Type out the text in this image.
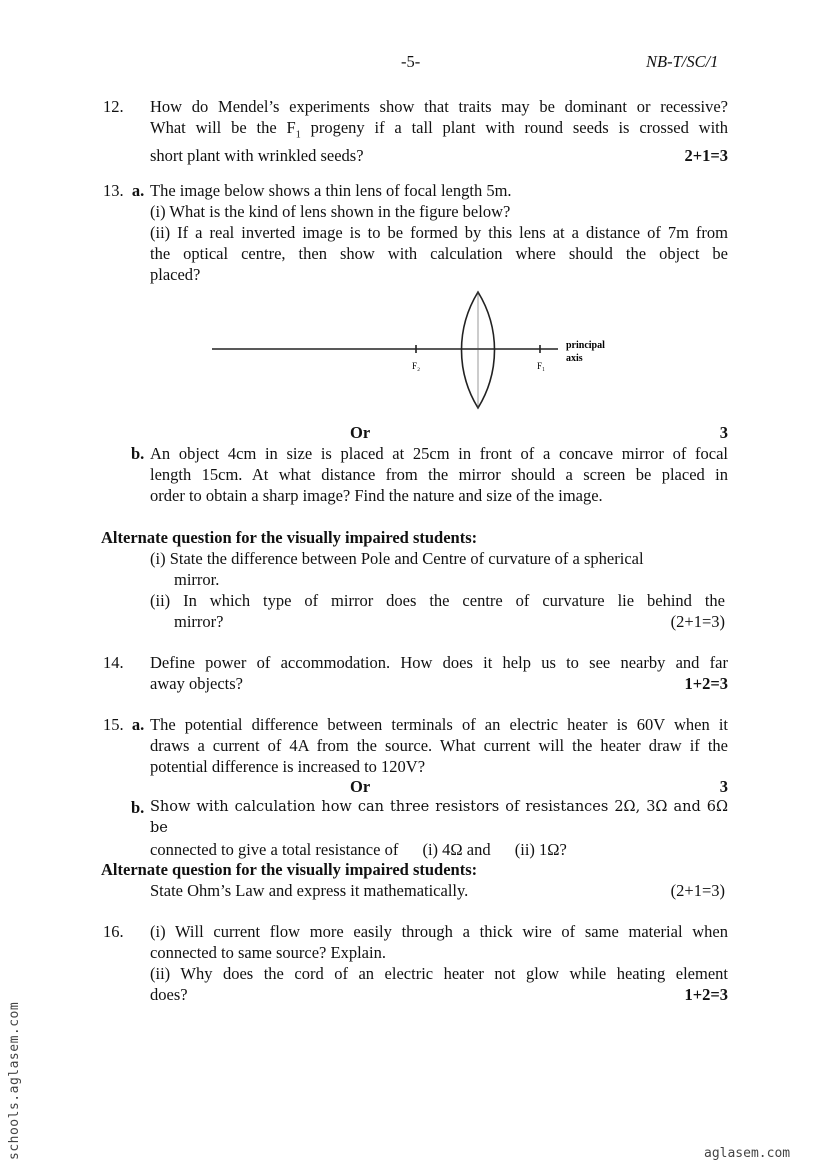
-5-	NB-T/SC/1
12. How do Mendel’s experiments show that traits may be dominant or recessive?
What will be the $F_1$ progeny if a tall plant with round seeds is crossed with
short plant with wrinkled seeds?	2+1=3
13. a. The image below shows a thin lens of focal length 5m.
(i) What is the kind of lens shown in the figure below?
(ii) If a real inverted image is to be formed by this lens at a distance of 7m from
the optical centre, then show with calculation where should the object be
placed?
F₂	F₁
principal
axis
Or	3
b. An object 4cm in size is placed at 25cm in front of a concave mirror of focal
length 15cm. At what distance from the mirror should a screen be placed in
order to obtain a sharp image? Find the nature and size of the image.
Alternate question for the visually impaired students:
(i) State the difference between Pole and Centre of curvature of a spherical
mirror.
(ii) In which type of mirror does the centre of curvature lie behind the
mirror?	(2+1=3)
14. Define power of accommodation. How does it help us to see nearby and far
away objects?	1+2=3
15. a. The potential difference between terminals of an electric heater is 60V when it
draws a current of 4A from the source. What current will the heater draw if the
potential difference is increased to 120V?
Or	3
b. Show with calculation how can three resistors of resistances 2Ω, 3Ω and 6Ω be
connected to give a total resistance of (i) 4Ω and (ii) 1Ω?
Alternate question for the visually impaired students:
State Ohm’s Law and express it mathematically.	(2+1=3)
16. (i) Will current flow more easily through a thick wire of same material when
connected to same source? Explain.
(ii) Why does the cord of an electric heater not glow while heating element
does?	1+2=3
schools.aglasem.com	aglasem.com
